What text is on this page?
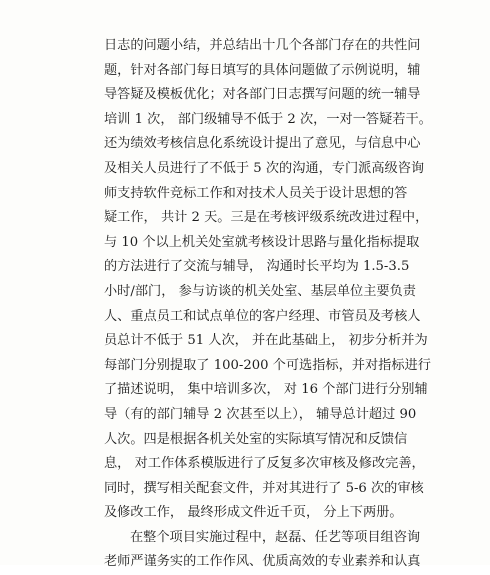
日志的问题小结，并总结出十几个各部门存在的共性问
题，针对各部门每日填写的具体问题做了示例说明，辅
导答疑及模板优化；对各部门日志撰写问题的统一辅导
培训 1 次， 部门级辅导不低于 2 次，一对一答疑若干。
还为绩效考核信息化系统设计提出了意见，与信息中心
及相关人员进行了不低于 5 次的沟通，专门派高级咨询
师支持软件竞标工作和对技术人员关于设计思想的答
疑工作， 共计 2 天。三是在考核评级系统改进过程中，
与 10 个以上机关处室就考核设计思路与量化指标提取
的方法进行了交流与辅导， 沟通时长平均为 1.5-3.5
小时/部门， 参与访谈的机关处室、基层单位主要负责
人、重点员工和试点单位的客户经理、市管员及考核人
员总计不低于 51 人次， 并在此基础上， 初步分析并为
每部门分别提取了 100-200 个可选指标，并对指标进行
了描述说明， 集中培训多次， 对 16 个部门进行分别辅
导（有的部门辅导 2 次甚至以上）， 辅导总计超过 90
人次。四是根据各机关处室的实际填写情况和反馈信
息， 对工作体系模版进行了反复多次审核及修改完善，
同时，撰写相关配套文件，并对其进行了 5-6 次的审核
及修改工作， 最终形成文件近千页， 分上下两册。
在整个项目实施过程中，赵磊、任艺等项目组咨询
老师严谨务实的工作作风、优质高效的专业素养和认真
